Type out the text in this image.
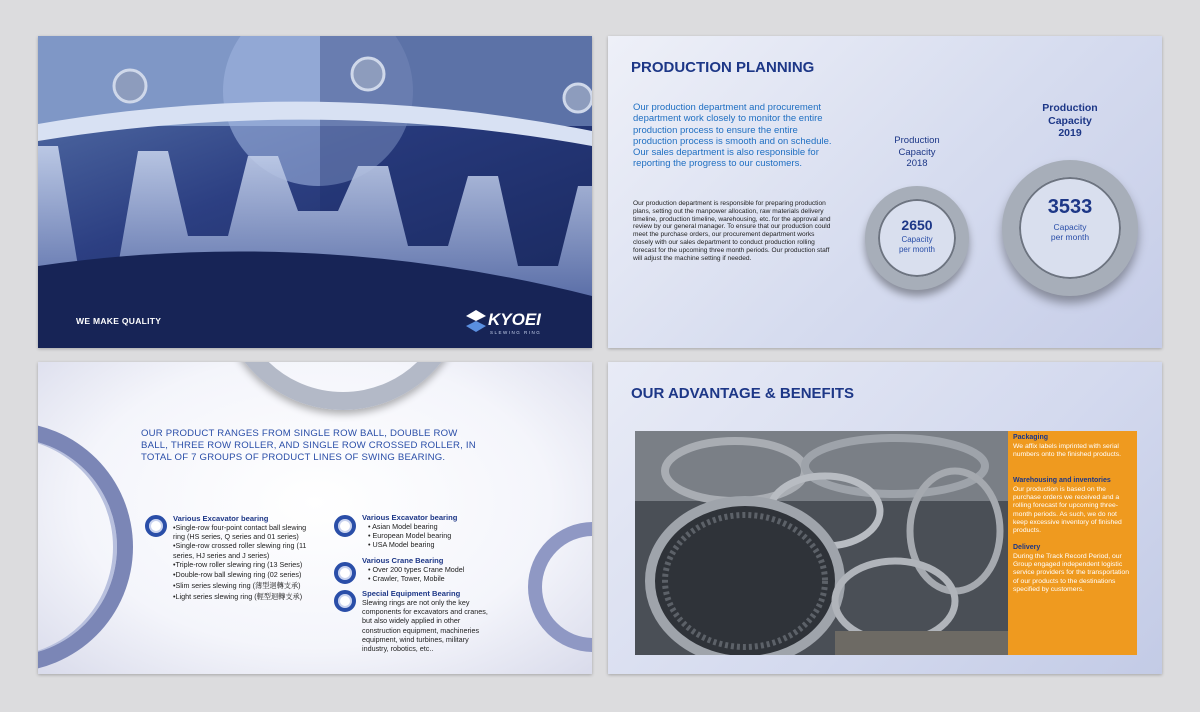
WE MAKE QUALITY	KYOEI
SLEWING RING
PRODUCTION PLANNING
Our production department and procurement department work closely to monitor the entire production process to ensure the entire production process is smooth and on schedule. Our sales department is also responsible for reporting the progress to our customers.
Our production department is responsible for preparing production plans, setting out the manpower allocation, raw materials delivery timeline, production timeline, warehousing, etc. for the approval and review by our general manager. To ensure that our production could meet the purchase orders, our procurement department works closely with our sales department to conduct production rolling forecast for the upcoming three month periods. Our production staff will adjust the machine setting if needed.
Production
Capacity
2018
2650
Capacity
per month
Production
Capacity
2019
3533
Capacity
per month
OUR PRODUCT RANGES FROM SINGLE ROW BALL, DOUBLE ROW BALL, THREE ROW ROLLER, AND SINGLE ROW CROSSED ROLLER, IN TOTAL OF 7 GROUPS OF PRODUCT LINES OF SWING BEARING.
Various Excavator bearing
•Single-row four-point contact ball slewing ring (HS series, Q series and 01 series)
•Single-row crossed roller slewing ring (11 series, HJ series and J series)
•Triple-row roller slewing ring (13 Series)
•Double-row ball slewing ring (02 series)
•Slim series slewing ring (薄型迴轉支承)
•Light series slewing ring (輕型迴轉支承)
Various Excavator bearing
• Asian Model bearing
• European Model bearing
• USA Model bearing
Various Crane Bearing
• Over 200 types Crane Model
• Crawler, Tower, Mobile
Special Equipment Bearing
Slewing rings are not only the key components for excavators and cranes, but also widely applied in other construction equipment, machineries equipment, wind turbines, military industry, robotics, etc..
OUR ADVANTAGE & BENEFITS
Packaging
We affix labels imprinted with serial numbers onto the finished products.
Warehousing and inventories
Our production is based on the purchase orders we received and a rolling forecast for upcoming three-month periods. As such, we do not keep excessive inventory of finished products.
Delivery
During the Track Record Period, our Group engaged independent logistic service providers for the transportation of our products to the destinations specified by customers.
